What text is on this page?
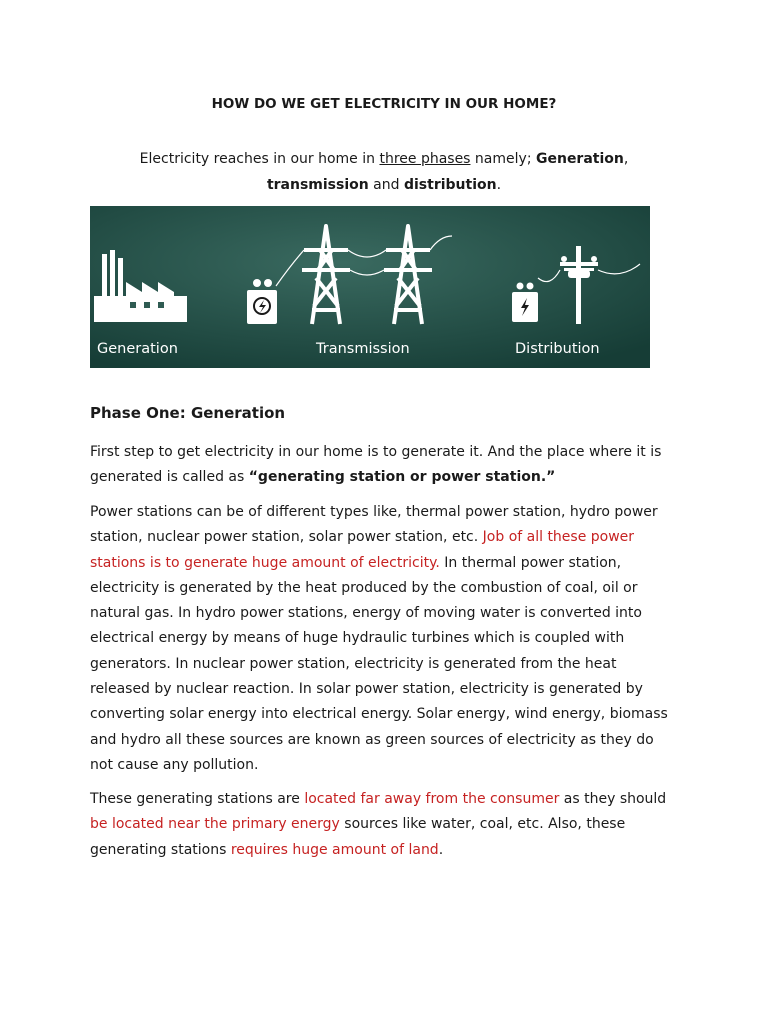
HOW DO WE GET ELECTRICITY IN OUR HOME?

Electricity reaches in our home in three phases namely; Generation, transmission and distribution.

Generation	Transmission	Distribution
Phase One: Generation

First step to get electricity in our home is to generate it. And the place where it is generated is called as “generating station or power station.”

Power stations can be of different types like, thermal power station, hydro power station, nuclear power station, solar power station, etc. Job of all these power stations is to generate huge amount of electricity. In thermal power station, electricity is generated by the heat produced by the combustion of coal, oil or natural gas. In hydro power stations, energy of moving water is converted into electrical energy by means of huge hydraulic turbines which is coupled with generators. In nuclear power station, electricity is generated from the heat released by nuclear reaction. In solar power station, electricity is generated by converting solar energy into electrical energy. Solar energy, wind energy, biomass and hydro all these sources are known as green sources of electricity as they do not cause any pollution.

These generating stations are located far away from the consumer as they should be located near the primary energy sources like water, coal, etc. Also, these generating stations requires huge amount of land.
